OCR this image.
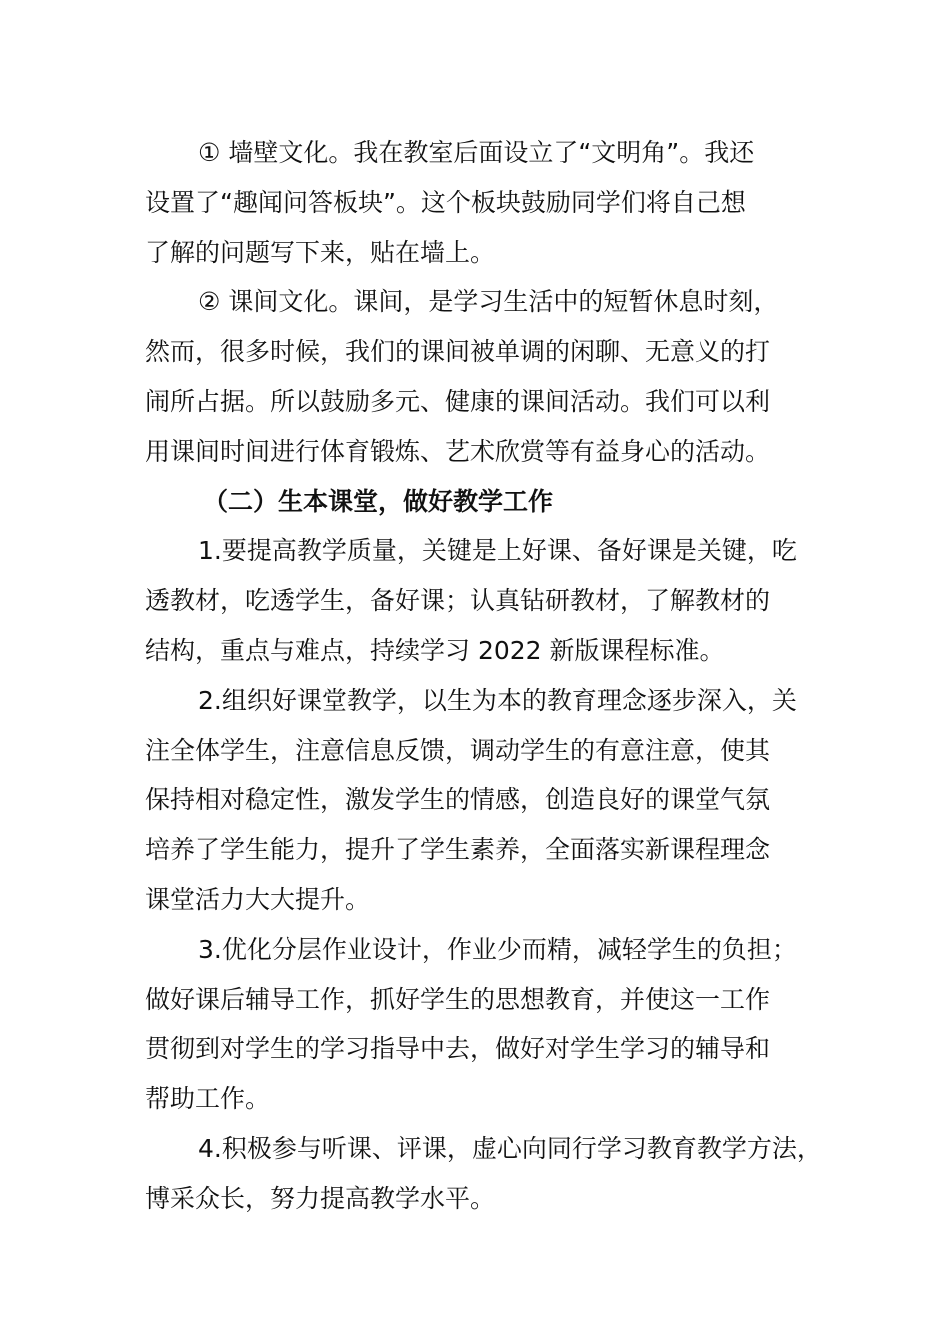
① 墙壁文化。我在教室后面设立了“文明角”。我还
设置了“趣闻问答板块”。这个板块鼓励同学们将自己想
了解的问题写下来，贴在墙上。
② 课间文化。课间，是学习生活中的短暂休息时刻，
然而，很多时候，我们的课间被单调的闲聊、无意义的打
闹所占据。所以鼓励多元、健康的课间活动。我们可以利
用课间时间进行体育锻炼、艺术欣赏等有益身心的活动。
（二）生本课堂，做好教学工作
1.要提高教学质量，关键是上好课、备好课是关键，吃
透教材，吃透学生，备好课；认真钻研教材，了解教材的
结构，重点与难点，持续学习 2022 新版课程标准。
2.组织好课堂教学，以生为本的教育理念逐步深入，关
注全体学生，注意信息反馈，调动学生的有意注意，使其
保持相对稳定性，激发学生的情感，创造良好的课堂气氛
培养了学生能力，提升了学生素养，全面落实新课程理念
课堂活力大大提升。
3.优化分层作业设计，作业少而精，减轻学生的负担；
做好课后辅导工作，抓好学生的思想教育，并使这一工作
贯彻到对学生的学习指导中去，做好对学生学习的辅导和
帮助工作。
4.积极参与听课、评课，虚心向同行学习教育教学方法，
博采众长，努力提高教学水平。
